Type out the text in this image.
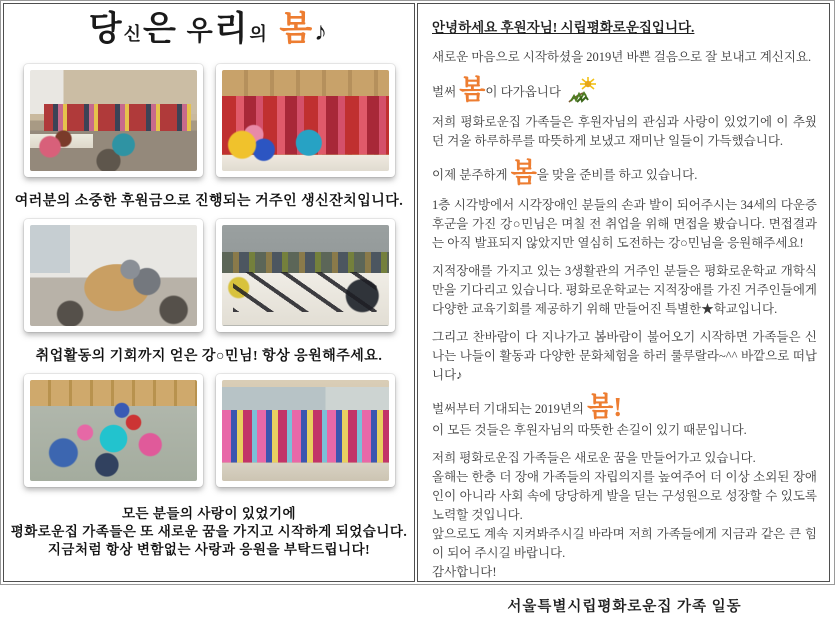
당신은 우리의 봄♪
여러분의 소중한 후원금으로 진행되는 거주인 생신잔치입니다.
취업활동의 기회까지 얻은 강○민님! 항상 응원해주세요.
모든 분들의 사랑이 있었기에
평화로운집 가족들은 또 새로운 꿈을 가지고 시작하게 되었습니다.
지금처럼 항상 변함없는 사랑과 응원을 부탁드립니다!
안녕하세요 후원자님! 시립평화로운집입니다.

새로운 마음으로 시작하셨을 2019년 바쁜 걸음으로 잘 보내고 계신지요.

벌써 봄이 다가옵니다

저희 평화로운집 가족들은 후원자님의 관심과 사랑이 있었기에 이 추웠던 겨울 하루하루를 따뜻하게 보냈고 재미난 일들이 가득했습니다.

이제 분주하게 봄을 맞을 준비를 하고 있습니다.

1층 시각방에서 시각장애인 분들의 손과 발이 되어주시는 34세의 다운증후군을 가진 강○민님은 며칠 전 취업을 위해 면접을 봤습니다. 면접결과는 아직 발표되지 않았지만 열심히 도전하는 강○민님을 응원해주세요!

지적장애를 가지고 있는 3생활관의 거주인 분들은 평화로운학교 개학식만을 기다리고 있습니다. 평화로운학교는 지적장애를 가진 거주인들에게 다양한 교육기회를 제공하기 위해 만들어진 특별한★학교입니다.

그리고 찬바람이 다 지나가고 봄바람이 불어오기 시작하면 가족들은 신나는 나들이 활동과 다양한 문화체험을 하러 룰루랄라~^^ 바깥으로 떠납니다♪

벌써부터 기대되는 2019년의 봄!

이 모든 것들은 후원자님의 따뜻한 손길이 있기 때문입니다.

저희 평화로운집 가족들은 새로운 꿈을 만들어가고 있습니다.

올해는 한층 더 장애 가족들의 자립의지를 높여주어 더 이상 소외된 장애인이 아니라 사회 속에 당당하게 발을 딛는 구성원으로 성장할 수 있도록 노력할 것입니다.

앞으로도 계속 지켜봐주시길 바라며 저희 가족들에게 지금과 같은 큰 힘이 되어 주시길 바랍니다.

감사합니다!

서울특별시립평화로운집 가족 일동
